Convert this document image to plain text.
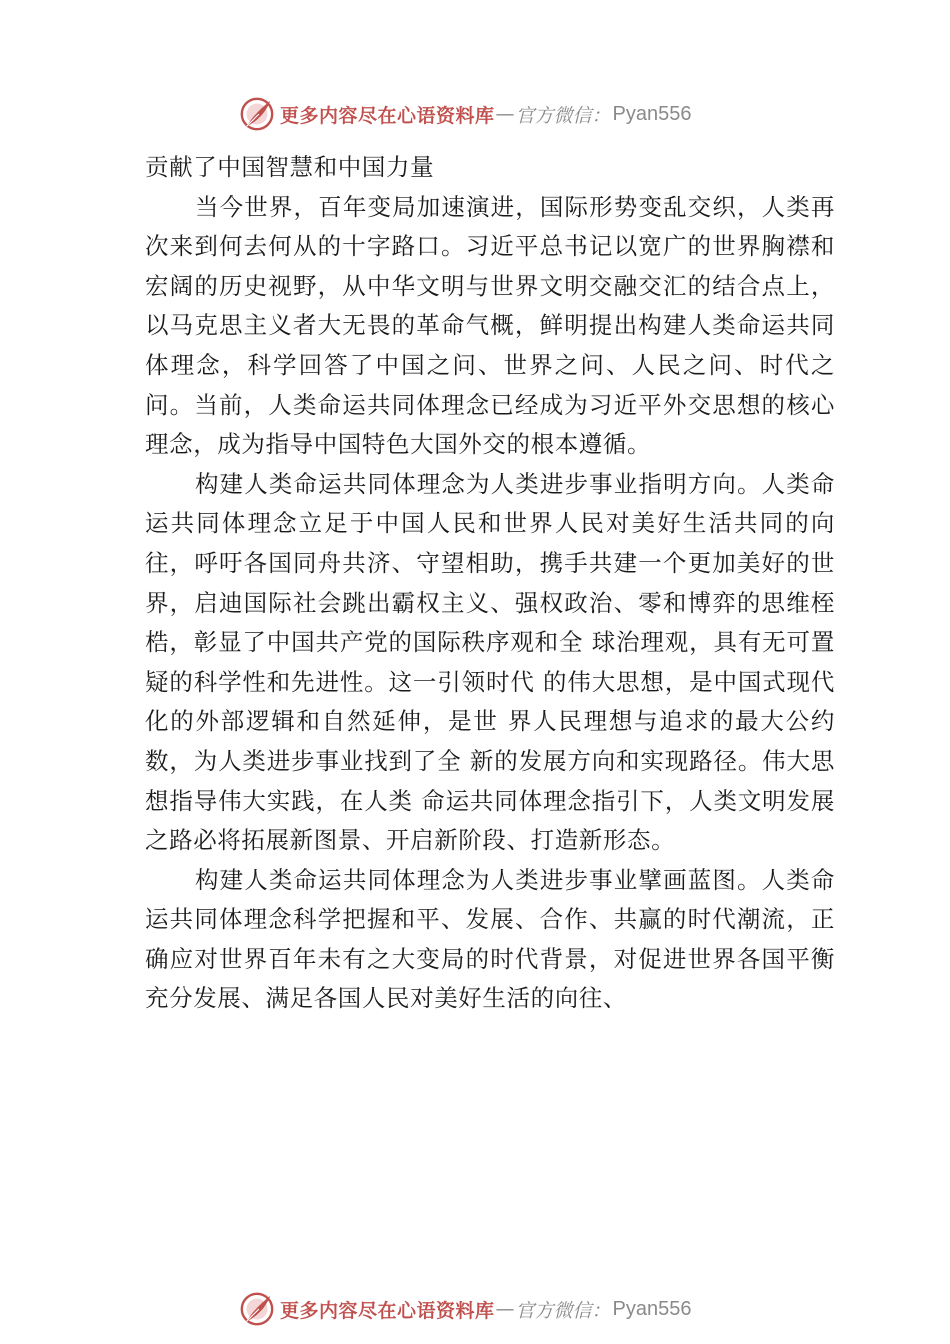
更多内容尽在心语资料库 — 官方微信： Pyan556

贡献了中国智慧和中国力量

当今世界，百年变局加速演进，国际形势变乱交织，人类再次来到何去何从的十字路口。习近平总书记以宽广的世界胸襟和宏阔的历史视野，从中华文明与世界文明交融交汇的结合点上，以马克思主义者大无畏的革命气概，鲜明提出构建人类命运共同体理念，科学回答了中国之问、世界之问、人民之问、时代之问。当前，人类命运共同体理念已经成为习近平外交思想的核心理念，成为指导中国特色大国外交的根本遵循。

构建人类命运共同体理念为人类进步事业指明方向。人类命运共同体理念立足于中国人民和世界人民对美好生活共同的向往，呼吁各国同舟共济、守望相助，携手共建一个更加美好的世界，启迪国际社会跳出霸权主义、强权政治、零和博弈的思维桎梏，彰显了中国共产党的国际秩序观和全 球治理观，具有无可置疑的科学性和先进性。这一引领时代 的伟大思想，是中国式现代化的外部逻辑和自然延伸，是世 界人民理想与追求的最大公约数，为人类进步事业找到了全 新的发展方向和实现路径。伟大思想指导伟大实践，在人类 命运共同体理念指引下，人类文明发展之路必将拓展新图景、开启新阶段、打造新形态。

构建人类命运共同体理念为人类进步事业擘画蓝图。人类命运共同体理念科学把握和平、发展、合作、共赢的时代潮流，正确应对世界百年未有之大变局的时代背景，对促进世界各国平衡充分发展、满足各国人民对美好生活的向往、

更多内容尽在心语资料库 — 官方微信： Pyan556
